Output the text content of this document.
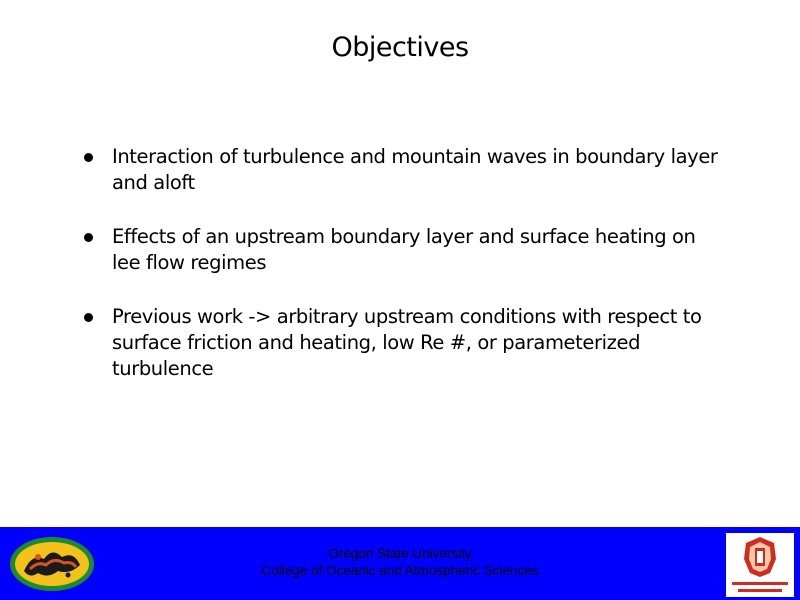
Objectives
Interaction of turbulence and mountain waves in boundary layer and aloft
Effects of an upstream boundary layer and surface heating on lee flow regimes
Previous work -> arbitrary upstream conditions with respect to surface friction and heating, low Re #, or parameterized turbulence
Oregon State University
College of Oceanic and Atmospheric Sciences
